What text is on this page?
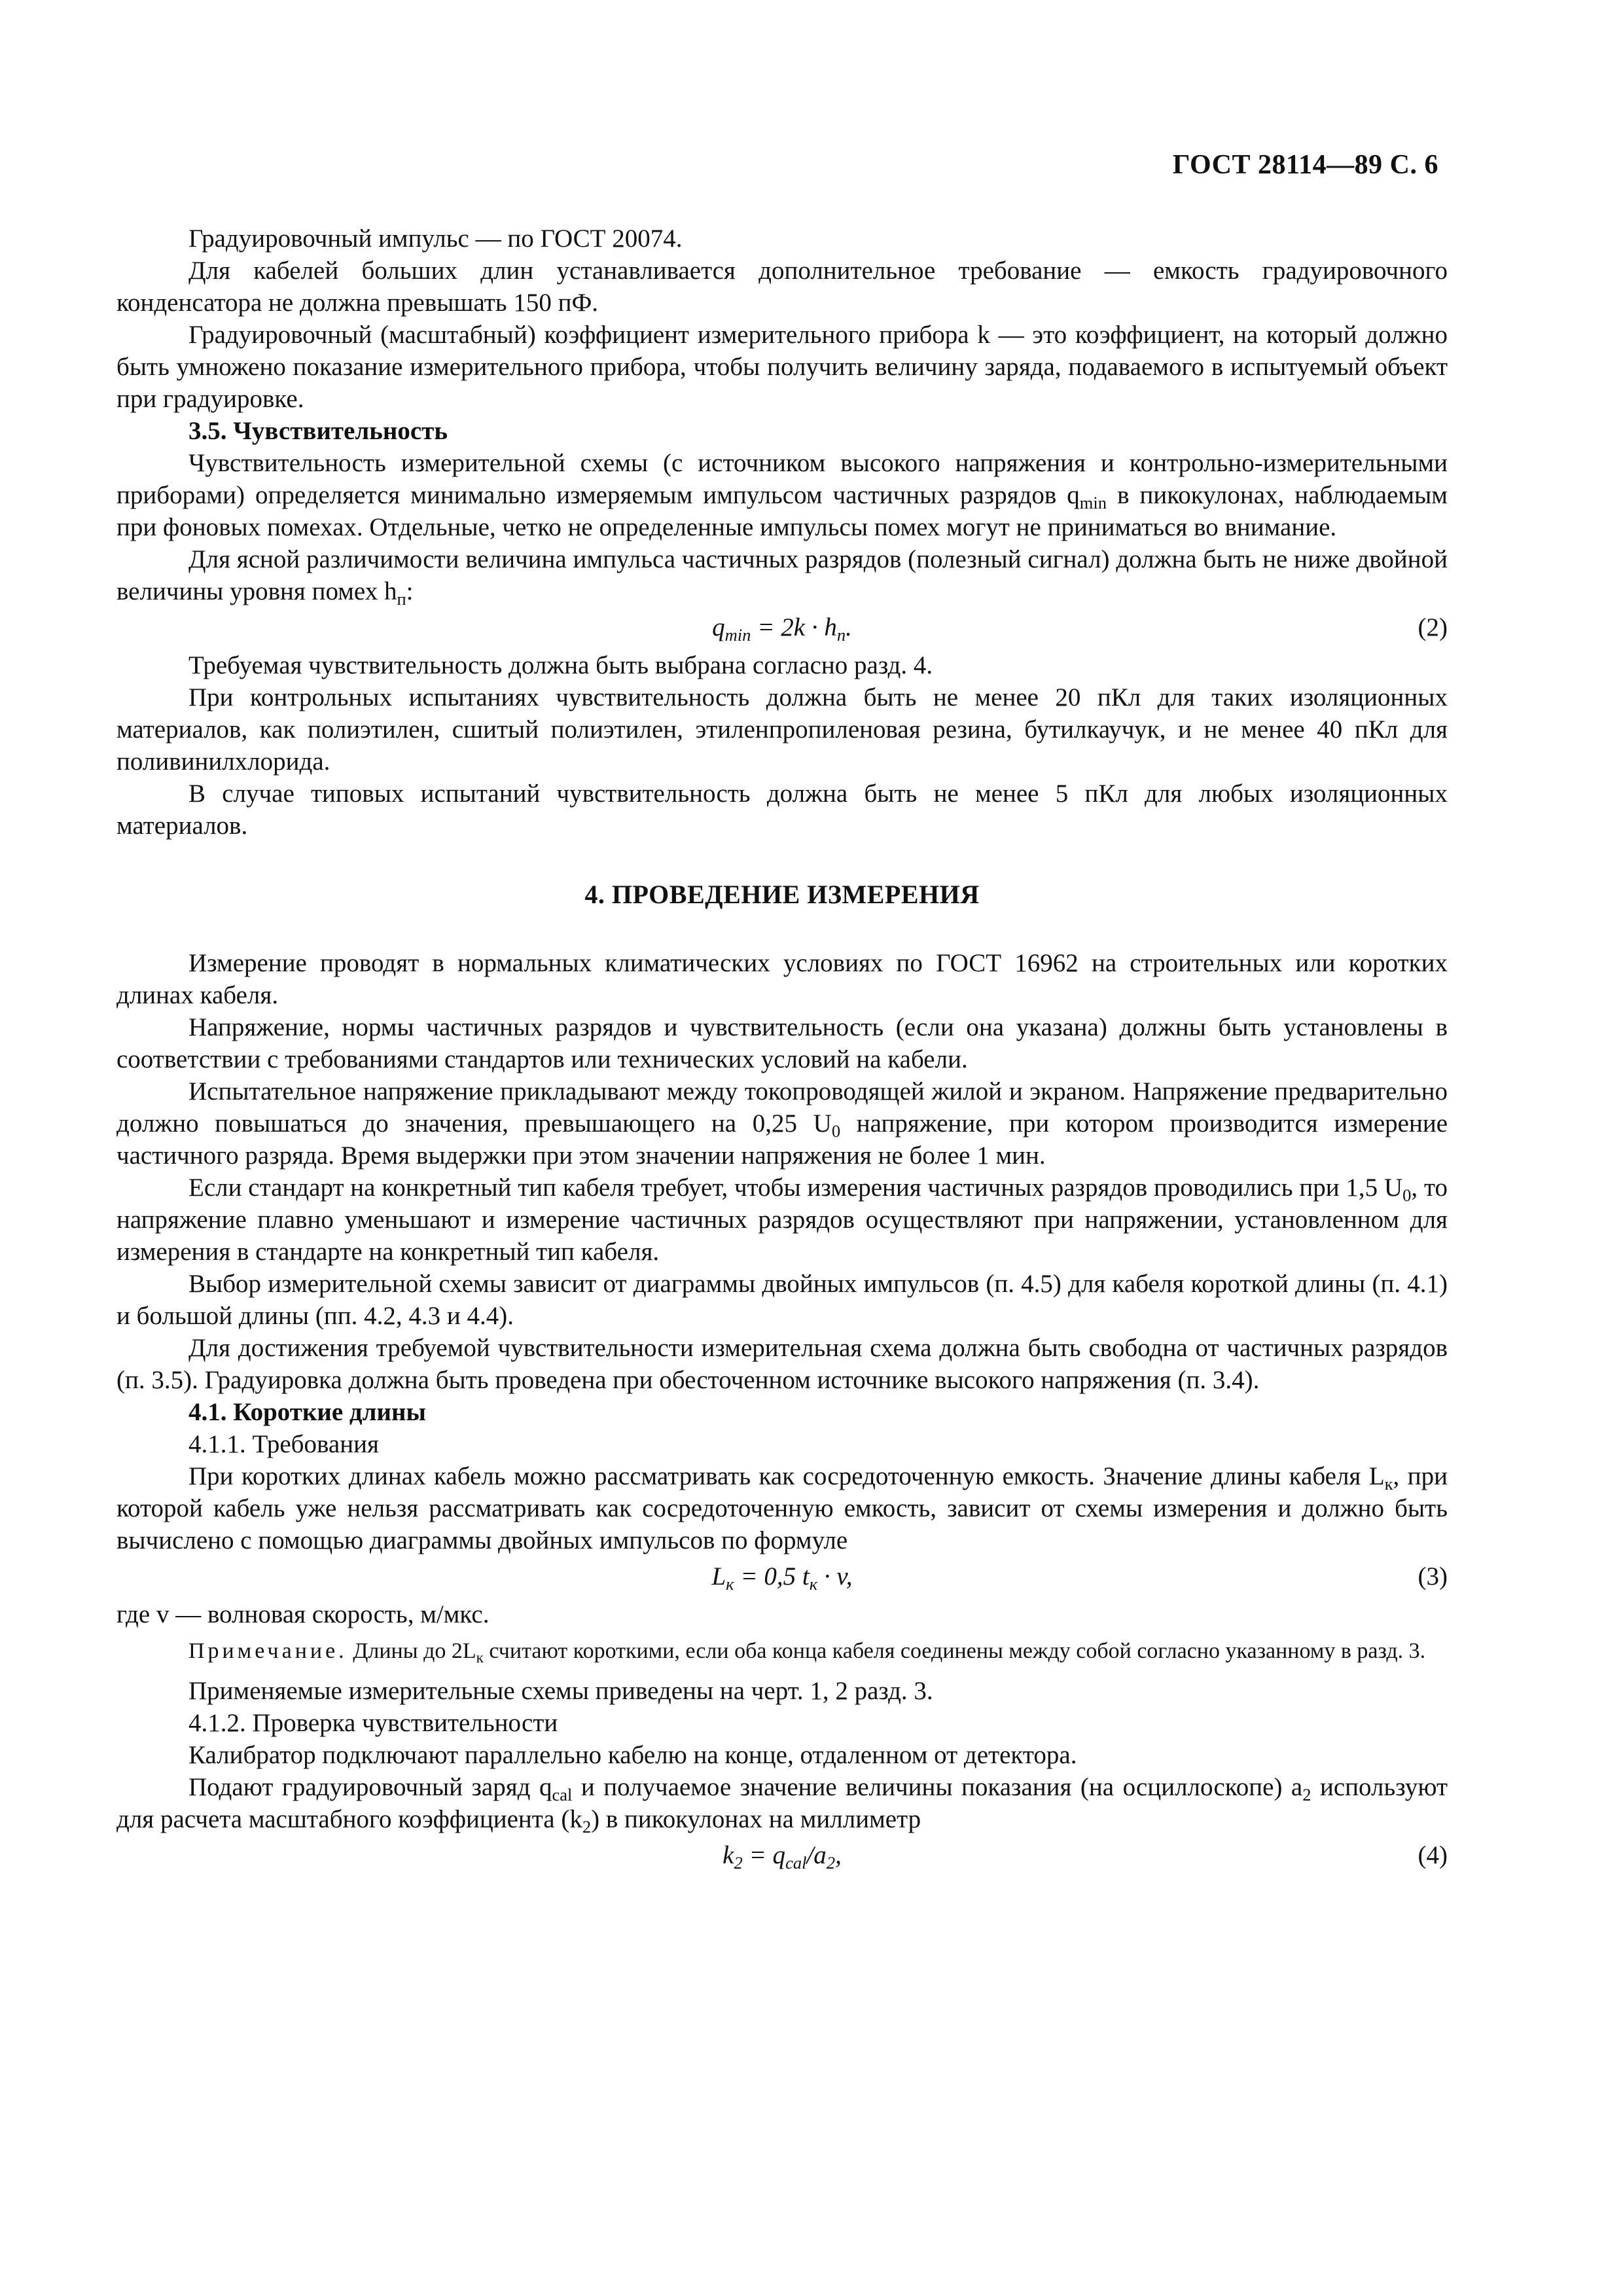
ГОСТ 28114—89 С. 6

Градуировочный импульс — по ГОСТ 20074.

Для кабелей больших длин устанавливается дополнительное требование — емкость градуировочного конденсатора не должна превышать 150 пФ.

Градуировочный (масштабный) коэффициент измерительного прибора k — это коэффициент, на который должно быть умножено показание измерительного прибора, чтобы получить величину заряда, подаваемого в испытуемый объект при градуировке.

3.5. Чувствительность

Чувствительность измерительной схемы (с источником высокого напряжения и контрольно-измерительными приборами) определяется минимально измеряемым импульсом частичных разрядов $q_{min}$ в пикокулонах, наблюдаемым при фоновых помехах. Отдельные, четко не определенные импульсы помех могут не приниматься во внимание.

Для ясной различимости величина импульса частичных разрядов (полезный сигнал) должна быть не ниже двойной величины уровня помех $h_п$:

$q_{min} = 2k \cdot h_п$.	(2)

Требуемая чувствительность должна быть выбрана согласно разд. 4.

При контрольных испытаниях чувствительность должна быть не менее 20 пКл для таких изоляционных материалов, как полиэтилен, сшитый полиэтилен, этиленпропиленовая резина, бутилкаучук, и не менее 40 пКл для поливинилхлорида.

В случае типовых испытаний чувствительность должна быть не менее 5 пКл для любых изоляционных материалов.

4. ПРОВЕДЕНИЕ ИЗМЕРЕНИЯ

Измерение проводят в нормальных климатических условиях по ГОСТ 16962 на строительных или коротких длинах кабеля.

Напряжение, нормы частичных разрядов и чувствительность (если она указана) должны быть установлены в соответствии с требованиями стандартов или технических условий на кабели.

Испытательное напряжение прикладывают между токопроводящей жилой и экраном. Напряжение предварительно должно повышаться до значения, превышающего на 0,25 $U_0$ напряжение, при котором производится измерение частичного разряда. Время выдержки при этом значении напряжения не более 1 мин.

Если стандарт на конкретный тип кабеля требует, чтобы измерения частичных разрядов проводились при 1,5 $U_0$, то напряжение плавно уменьшают и измерение частичных разрядов осуществляют при напряжении, установленном для измерения в стандарте на конкретный тип кабеля.

Выбор измерительной схемы зависит от диаграммы двойных импульсов (п. 4.5) для кабеля короткой длины (п. 4.1) и большой длины (пп. 4.2, 4.3 и 4.4).

Для достижения требуемой чувствительности измерительная схема должна быть свободна от частичных разрядов (п. 3.5). Градуировка должна быть проведена при обесточенном источнике высокого напряжения (п. 3.4).

4.1. Короткие длины

4.1.1. Требования

При коротких длинах кабель можно рассматривать как сосредоточенную емкость. Значение длины кабеля $L_к$, при которой кабель уже нельзя рассматривать как сосредоточенную емкость, зависит от схемы измерения и должно быть вычислено с помощью диаграммы двойных импульсов по формуле

$L_к = 0,5$ $t_к \cdot v$,	(3)

где v — волновая скорость, м/мкс.

Примечание. Длины до $2L_к$ считают короткими, если оба конца кабеля соединены между собой согласно указанному в разд. 3.

Применяемые измерительные схемы приведены на черт. 1, 2 разд. 3.

4.1.2. Проверка чувствительности

Калибратор подключают параллельно кабелю на конце, отдаленном от детектора.

Подают градуировочный заряд $q_{cal}$ и получаемое значение величины показания (на осциллоскопе) $a_2$ используют для расчета масштабного коэффициента $(k_2)$ в пикокулонах на миллиметр

$k_2 = q_{cal}/a_2$,	(4)
